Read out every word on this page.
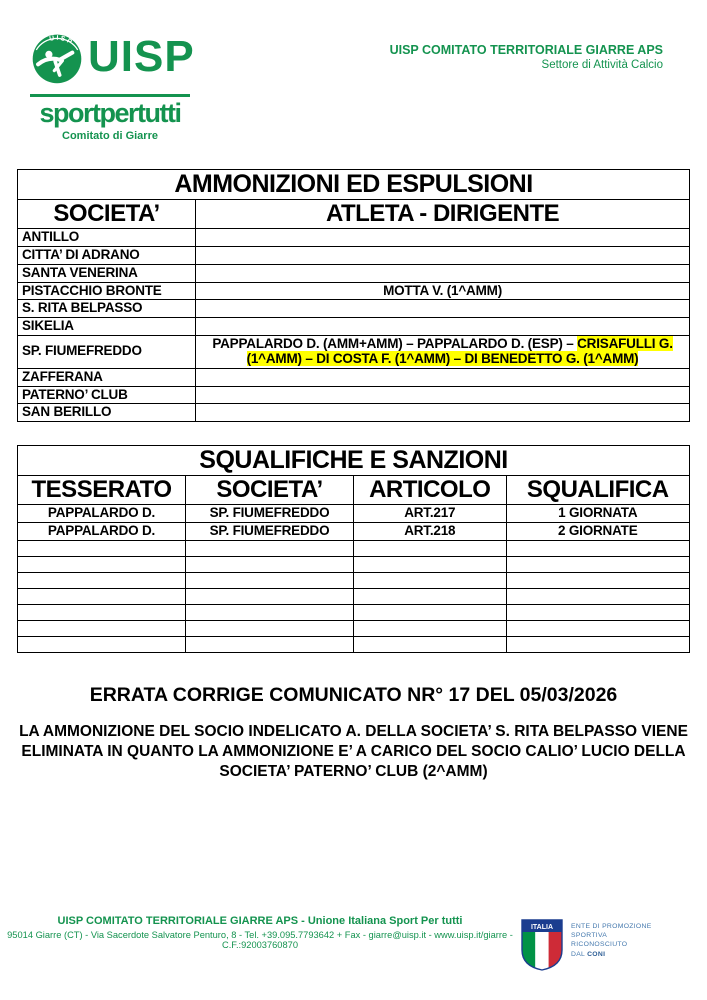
UISP UISP
sportpertutti
Comitato di Giarre
UISP COMITATO TERRITORIALE GIARRE APS
Settore di Attività Calcio
AMMONIZIONI ED ESPULSIONI	
SOCIETA’	ATLETA - DIRIGENTE
ANTILLO	
CITTA’ DI ADRANO	
SANTA VENERINA	
PISTACCHIO BRONTE	MOTTA V. (1^AMM)
S. RITA BELPASSO	
SIKELIA	
SP. FIUMEFREDDO	PAPPALARDO D. (AMM+AMM) – PAPPALARDO D. (ESP) – CRISAFULLI G. (1^AMM) – DI COSTA F. (1^AMM) – DI BENEDETTO G. (1^AMM)
ZAFFERANA	
PATERNO’ CLUB	
SAN BERILLO	
SQUALIFICHE E SANZIONI			
TESSERATO	SOCIETA’	ARTICOLO	SQUALIFICA
PAPPALARDO D.	SP. FIUMEFREDDO	ART.217	1 GIORNATA
PAPPALARDO D.	SP. FIUMEFREDDO	ART.218	2 GIORNATE

ERRATA CORRIGE COMUNICATO NR° 17 DEL 05/03/2026
LA AMMONIZIONE DEL SOCIO INDELICATO A. DELLA SOCIETA’ S. RITA BELPASSO VIENE ELIMINATA IN QUANTO LA AMMONIZIONE E’ A CARICO DEL SOCIO CALIO’ LUCIO DELLA SOCIETA’ PATERNO’ CLUB (2^AMM)
UISP COMITATO TERRITORIALE GIARRE APS - Unione Italiana Sport Per tutti
95014 Giarre (CT) - Via Sacerdote Salvatore Penturo, 8 - Tel. +39.095.7793642 + Fax - giarre@uisp.it - www.uisp.it/giarre -
C.F.:92003760870
ITALIA	ENTE DI PROMOZIONE
SPORTIVA
RICONOSCIUTO
DAL CONI
